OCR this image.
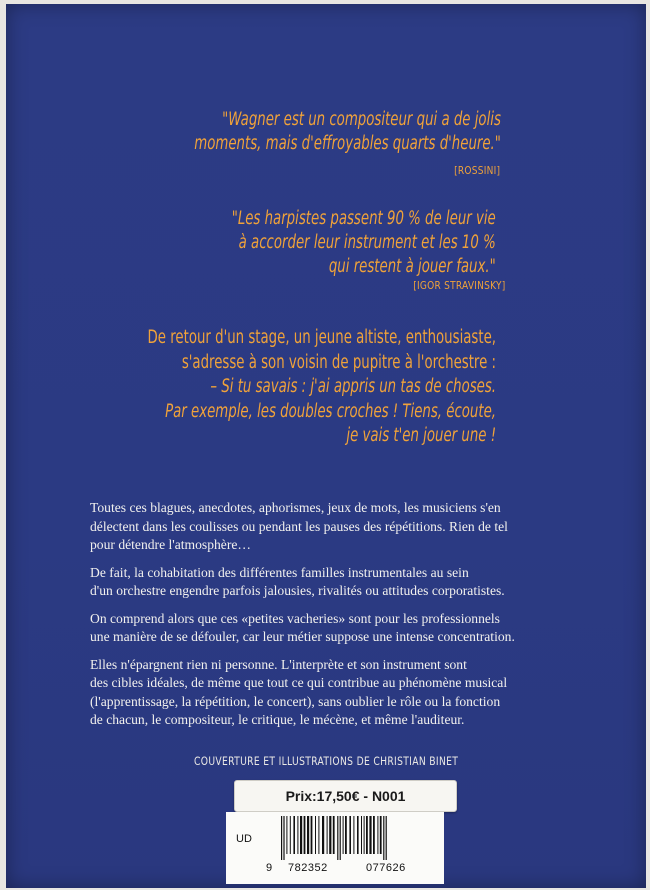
"Wagner est un compositeur qui a de jolis
moments, mais d'effroyables quarts d'heure."
[ROSSINI]
"Les harpistes passent 90 % de leur vie
à accorder leur instrument et les 10 %
qui restent à jouer faux."
[IGOR STRAVINSKY]
De retour d'un stage, un jeune altiste, enthousiaste,
s'adresse à son voisin de pupitre à l'orchestre :
– Si tu savais : j'ai appris un tas de choses.
Par exemple, les doubles croches ! Tiens, écoute,
je vais t'en jouer une !

Toutes ces blagues, anecdotes, aphorismes, jeux de mots, les musiciens s'en
délectent dans les coulisses ou pendant les pauses des répétitions. Rien de tel
pour détendre l'atmosphère…

De fait, la cohabitation des différentes familles instrumentales au sein
d'un orchestre engendre parfois jalousies, rivalités ou attitudes corporatistes.

On comprend alors que ces «petites vacheries» sont pour les professionnels
une manière de se défouler, car leur métier suppose une intense concentration.

Elles n'épargnent rien ni personne. L'interprète et son instrument sont
des cibles idéales, de même que tout ce qui contribue au phénomène musical
(l'apprentissage, la répétition, le concert), sans oublier le rôle ou la fonction
de chacun, le compositeur, le critique, le mécène, et même l'auditeur.

COUVERTURE ET ILLUSTRATIONS DE CHRISTIAN BINET
Prix:17,50€ - N001
UD
9 782352	077626
